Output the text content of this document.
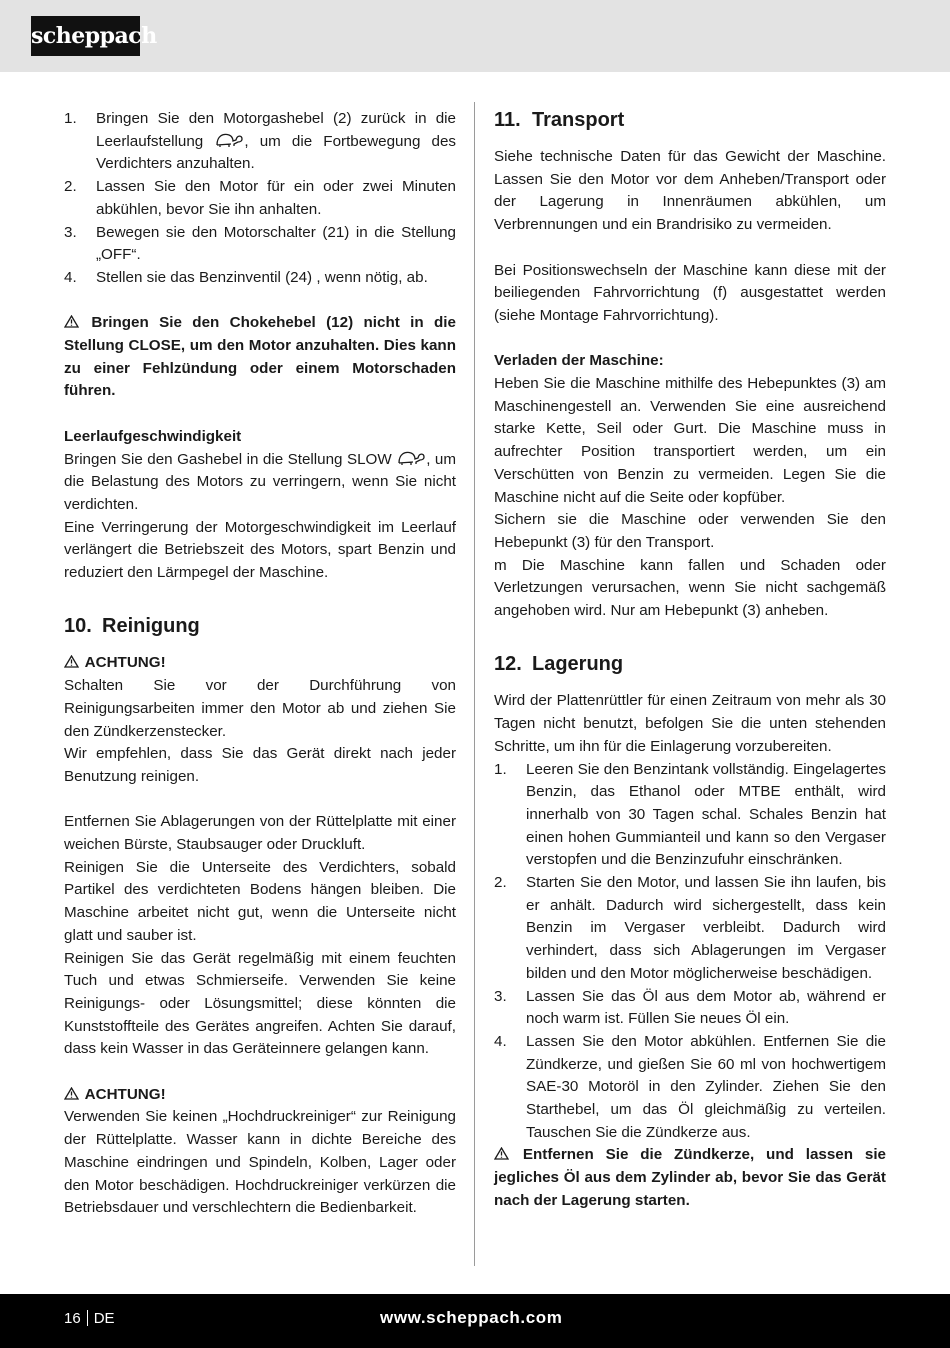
scheppach
1. Bringen Sie den Motorgashebel (2) zurück in die Leerlaufstellung , um die Fortbewegung des Verdichters anzuhalten.
2. Lassen Sie den Motor für ein oder zwei Minuten abkühlen, bevor Sie ihn anhalten.
3. Bewegen sie den Motorschalter (21) in die Stellung „OFF“.
4. Stellen sie das Benzinventil (24) , wenn nötig, ab.

Bringen Sie den Chokehebel (12) nicht in die Stellung CLOSE, um den Motor anzuhalten. Dies kann zu einer Fehlzündung oder einem Motorschaden führen.

Leerlaufgeschwindigkeit

Bringen Sie den Gashebel in die Stellung SLOW , um die Belastung des Motors zu verringern, wenn Sie nicht verdichten.

Eine Verringerung der Motorgeschwindigkeit im Leerlauf verlängert die Betriebszeit des Motors, spart Benzin und reduziert den Lärmpegel der Maschine.

10. Reinigung

ACHTUNG!

Schalten Sie vor der Durchführung von Reinigungsarbeiten immer den Motor ab und ziehen Sie den Zündkerzenstecker.

Wir empfehlen, dass Sie das Gerät direkt nach jeder Benutzung reinigen.

Entfernen Sie Ablagerungen von der Rüttelplatte mit einer weichen Bürste, Staubsauger oder Druckluft.

Reinigen Sie die Unterseite des Verdichters, sobald Partikel des verdichteten Bodens hängen bleiben. Die Maschine arbeitet nicht gut, wenn die Unterseite nicht glatt und sauber ist.

Reinigen Sie das Gerät regelmäßig mit einem feuchten Tuch und etwas Schmierseife. Verwenden Sie keine Reinigungs- oder Lösungsmittel; diese könnten die Kunststoffteile des Gerätes angreifen. Achten Sie darauf, dass kein Wasser in das Geräteinnere gelangen kann.

ACHTUNG!

Verwenden Sie keinen „Hochdruckreiniger“ zur Reinigung der Rüttelplatte. Wasser kann in dichte Bereiche des Maschine eindringen und Spindeln, Kolben, Lager oder den Motor beschädigen. Hochdruckreiniger verkürzen die Betriebsdauer und verschlechtern die Bedienbarkeit.

11. Transport

Siehe technische Daten für das Gewicht der Maschine. Lassen Sie den Motor vor dem Anheben/Transport oder der Lagerung in Innenräumen abkühlen, um Verbrennungen und ein Brandrisiko zu vermeiden.

Bei Positionswechseln der Maschine kann diese mit der beiliegenden Fahrvorrichtung (f) ausgestattet werden (siehe Montage Fahrvorrichtung).

Verladen der Maschine:

Heben Sie die Maschine mithilfe des Hebepunktes (3) am Maschinengestell an. Verwenden Sie eine ausreichend starke Kette, Seil oder Gurt. Die Maschine muss in aufrechter Position transportiert werden, um ein Verschütten von Benzin zu vermeiden. Legen Sie die Maschine nicht auf die Seite oder kopfüber.

Sichern sie die Maschine oder verwenden Sie den Hebepunkt (3) für den Transport.

m Die Maschine kann fallen und Schaden oder Verletzungen verursachen, wenn Sie nicht sachgemäß angehoben wird. Nur am Hebepunkt (3) anheben.

12. Lagerung

Wird der Plattenrüttler für einen Zeitraum von mehr als 30 Tagen nicht benutzt, befolgen Sie die unten stehenden Schritte, um ihn für die Einlagerung vorzubereiten.

1. Leeren Sie den Benzintank vollständig. Eingelagertes Benzin, das Ethanol oder MTBE enthält, wird innerhalb von 30 Tagen schal. Schales Benzin hat einen hohen Gummianteil und kann so den Vergaser verstopfen und die Benzinzufuhr einschränken.
2. Starten Sie den Motor, und lassen Sie ihn laufen, bis er anhält. Dadurch wird sichergestellt, dass kein Benzin im Vergaser verbleibt. Dadurch wird verhindert, dass sich Ablagerungen im Vergaser bilden und den Motor möglicherweise beschädigen.
3. Lassen Sie das Öl aus dem Motor ab, während er noch warm ist. Füllen Sie neues Öl ein.
4. Lassen Sie den Motor abkühlen. Entfernen Sie die Zündkerze, und gießen Sie 60 ml von hochwertigem SAE-30 Motoröl in den Zylinder. Ziehen Sie den Starthebel, um das Öl gleichmäßig zu verteilen. Tauschen Sie die Zündkerze aus.

Entfernen Sie die Zündkerze, und lassen sie jegliches Öl aus dem Zylinder ab, bevor Sie das Gerät nach der Lagerung starten.

16 DE	www.scheppach.com
